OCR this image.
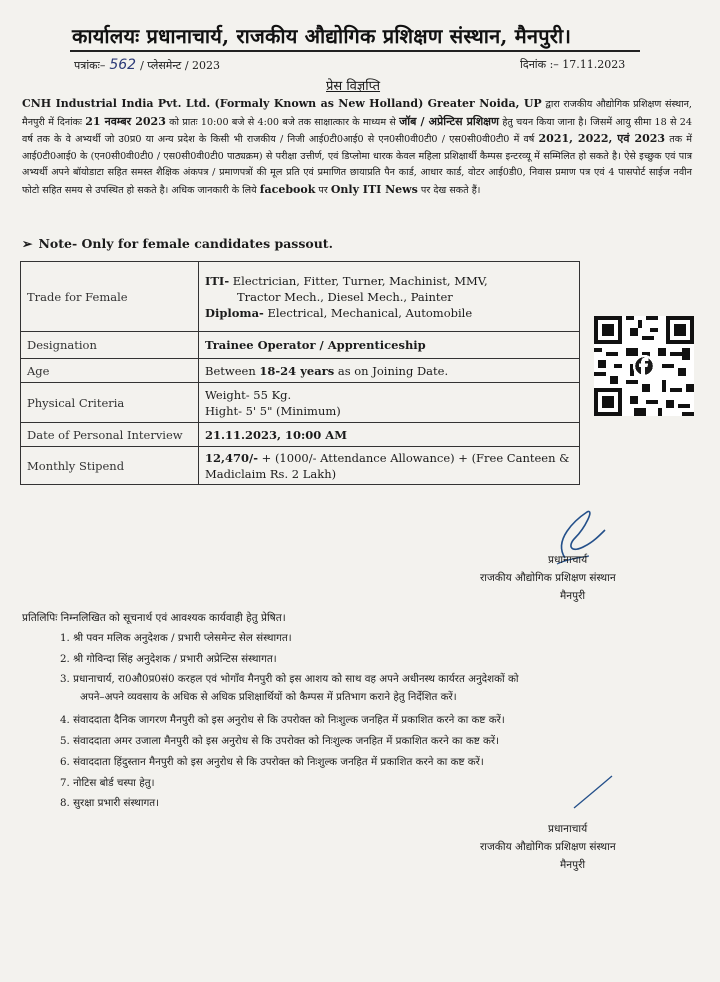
कार्यालयः प्रधानाचार्य, राजकीय औद्योगिक प्रशिक्षण संस्थान, मैनपुरी।
पत्रांकः– 562 / प्लेसमेन्ट / 2023	दिनांक :– 17.11.2023
प्रेस विज्ञप्ति
CNH Industrial India Pvt. Ltd. (Formaly Known as New Holland) Greater Noida, UP द्वारा राजकीय औद्योगिक प्रशिक्षण संस्थान, मैनपुरी में दिनांकः 21 नवम्बर 2023 को प्रातः 10:00 बजे से 4:00 बजे तक साक्षात्कार के माध्यम से जॉब / अप्रेन्टिस प्रशिक्षण हेतु चयन किया जाना है। जिसमें आयु सीमा 18 से 24 वर्ष तक के वे अभ्यर्थी जो उ0प्र0 या अन्य प्रदेश के किसी भी राजकीय / निजी आई0टी0आई0 से एन0सी0वी0टी0 / एस0सी0वी0टी0 में वर्ष 2021, 2022, एवं 2023 तक में आई0टी0आई0 के (एन0सी0वी0टी0 / एस0सी0वी0टी0 पाठ्यक्रम) से परीक्षा उत्तीर्ण, एवं डिप्लोमा धारक केवल महिला प्रशिक्षार्थी कैम्पस इन्टरव्यू में सम्मिलित हो सकते है। ऐसे इच्छुक एवं पात्र अभ्यर्थी अपने बॉयोडाटा सहित समस्त शैक्षिक अंकपत्र / प्रमाणपत्रों की मूल प्रति एवं प्रमाणित छायाप्रति पैन कार्ड, आधार कार्ड, वोटर आई0डी0, निवास प्रमाण पत्र एवं 4 पासपोर्ट साईज नवीन फोटो सहित समय से उपस्थित हो सकते है। अधिक जानकारी के लिये facebook पर Only ITI News पर देख सकते हैं।
➢ Note- Only for female candidates passout.
Trade for Female	ITI- Electrician, Fitter, Turner, Machinist, MMV,
Tractor Mech., Diesel Mech., Painter
Diploma- Electrical, Mechanical, Automobile

Designation	Trainee Operator / Apprenticeship
Age	Between 18-24 years as on Joining Date.
Physical Criteria	Weight- 55 Kg.
Hight- 5' 5" (Minimum)

Date of Personal Interview	21.11.2023, 10:00 AM
Monthly Stipend	12,470/- + (1000/- Attendance Allowance) + (Free Canteen &
Madiclaim Rs. 2 Lakh)
प्रधानाचार्य
राजकीय औद्योगिक प्रशिक्षण संस्थान
मैनपुरी
प्रतिलिपिः निम्नलिखित को सूचनार्थ एवं आवश्यक कार्यवाही हेतु प्रेषित।
1. श्री पवन मलिक अनुदेशक / प्रभारी प्लेसमेन्ट सेल संस्थागत।
2. श्री गोविन्दा सिंह अनुदेशक / प्रभारी अप्रेन्टिस संस्थागत।
3. प्रधानाचार्य, रा0औ0प्र0सं0 करहल एवं भोगाँव मैनपुरी को इस आशय को साथ वह अपने अधीनस्थ कार्यरत अनुदेशकों को
अपने–अपने व्यवसाय के अधिक से अधिक प्रशिक्षार्थियों को कैम्पस में प्रतिभाग कराने हेतु निर्देशित करें।
4. संवाददाता दैनिक जागरण मैनपुरी को इस अनुरोध से कि उपरोक्त को निःशुल्क जनहित में प्रकाशित करने का कष्ट करें।
5. संवाददाता अमर उजाला मैनपुरी को इस अनुरोध से कि उपरोक्त को निःशुल्क जनहित में प्रकाशित करने का कष्ट करें।
6. संवाददाता हिंदुस्तान मैनपुरी को इस अनुरोध से कि उपरोक्त को निःशुल्क जनहित में प्रकाशित करने का कष्ट करें।
7. नोटिस बोर्ड चस्पा हेतु।
8. सुरक्षा प्रभारी संस्थागत।
प्रधानाचार्य
राजकीय औद्योगिक प्रशिक्षण संस्थान
मैनपुरी
